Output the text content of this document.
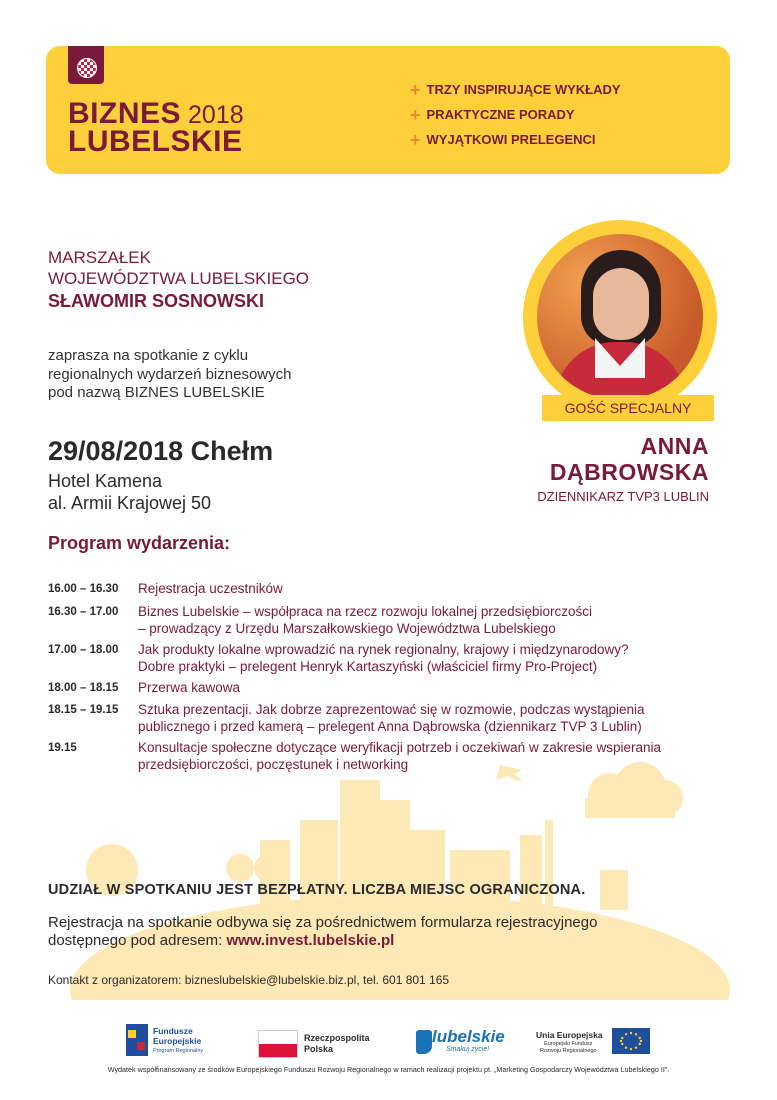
BIZNES 2018
LUBELSKIE
+ TRZY INSPIRUJĄCE WYKŁADY
+ PRAKTYCZNE PORADY
+ WYJĄTKOWI PRELEGENCI
MARSZAŁEK
WOJEWÓDZTWA LUBELSKIEGO
SŁAWOMIR SOSNOWSKI
zaprasza na spotkanie z cyklu
regionalnych wydarzeń biznesowych
pod nazwą BIZNES LUBELSKIE
29/08/2018 Chełm
Hotel Kamena
al. Armii Krajowej 50
GOŚĆ SPECJALNY
ANNA
DĄBROWSKA
DZIENNIKARZ TVP3 LUBLIN
Program wydarzenia:
16.00 – 16.30 Rejestracja uczestników
16.30 – 17.00 Biznes Lubelskie – współpraca na rzecz rozwoju lokalnej przedsiębiorczości
– prowadzący z Urzędu Marszałkowskiego Województwa Lubelskiego
17.00 – 18.00 Jak produkty lokalne wprowadzić na rynek regionalny, krajowy i międzynarodowy?
Dobre praktyki – prelegent Henryk Kartaszyński (właściciel firmy Pro-Project)
18.00 – 18.15 Przerwa kawowa
18.15 – 19.15 Sztuka prezentacji. Jak dobrze zaprezentować się w rozmowie, podczas wystąpienia
publicznego i przed kamerą – prelegent Anna Dąbrowska (dziennikarz TVP 3 Lublin)
19.15	Konsultacje społeczne dotyczące weryfikacji potrzeb i oczekiwań w zakresie wspierania
przedsiębiorczości, poczęstunek i networking
UDZIAŁ W SPOTKANIU JEST BEZPŁATNY. LICZBA MIEJSC OGRANICZONA.
Rejestracja na spotkanie odbywa się za pośrednictwem formularza rejestracyjnego
dostępnego pod adresem: www.invest.lubelskie.pl
Kontakt z organizatorem: bizneslubelskie@lubelskie.biz.pl, tel. 601 801 165
Fundusze
Europejskie
Program Regionalny
Rzeczpospolita
Polska
lubelskie
Smakuj życie!
Unia Europejska
Europejski Fundusz
Rozwoju Regionalnego
Wydatek współfinansowany ze środków Europejskiego Funduszu Rozwoju Regionalnego w ramach realizacji projektu pt. „Marketing Gospodarczy Województwa Lubelskiego II”.
